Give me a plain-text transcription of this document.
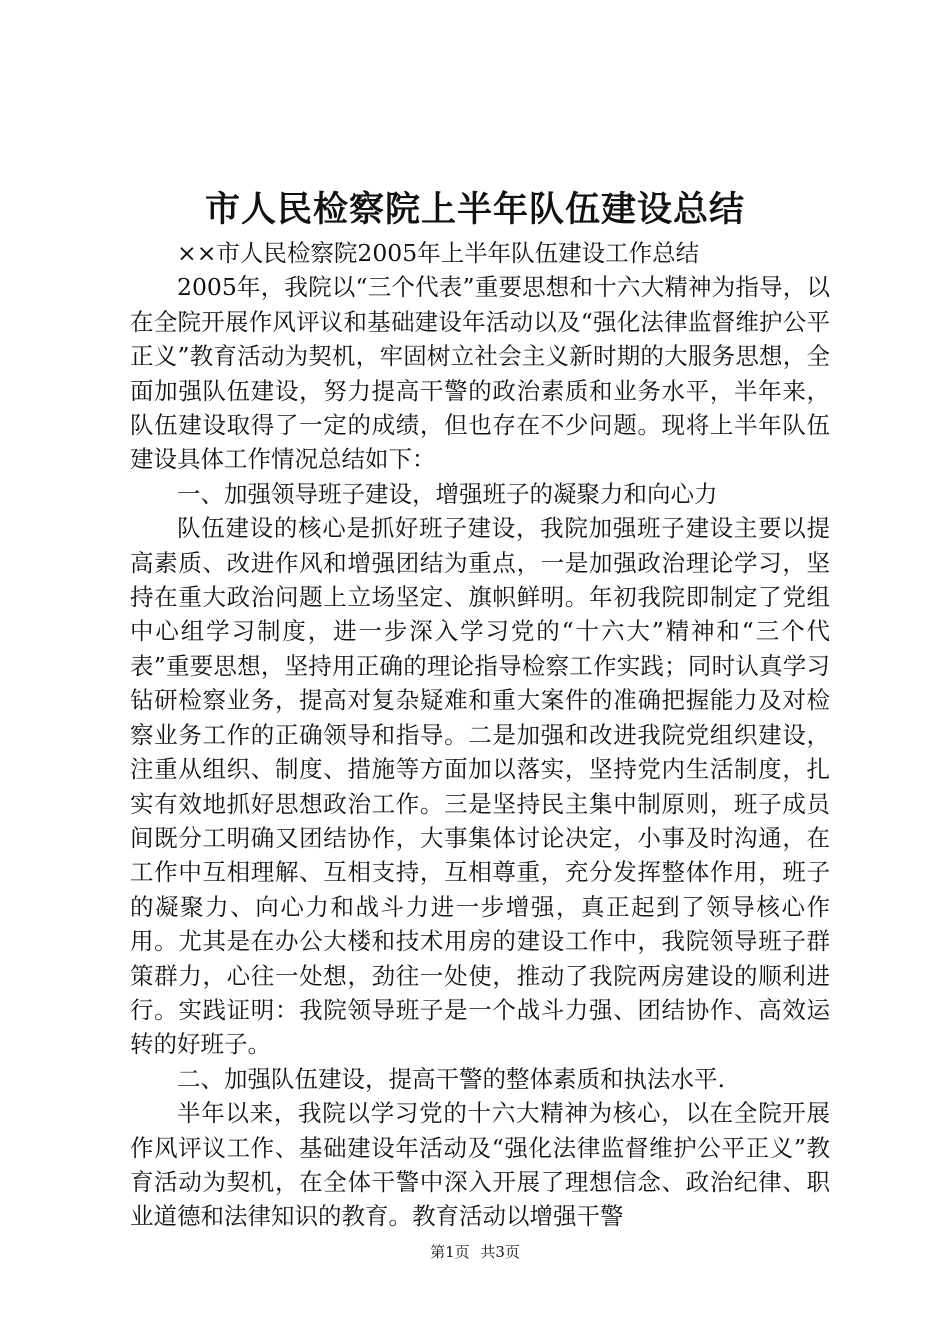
市人民检察院上半年队伍建设总结

××市人民检察院2005年上半年队伍建设工作总结

2005年，我院以“三个代表”重要思想和十六大精神为指导，以在全院开展作风评议和基础建设年活动以及“强化法律监督维护公平正义”教育活动为契机，牢固树立社会主义新时期的大服务思想，全面加强队伍建设，努力提高干警的政治素质和业务水平，半年来，队伍建设取得了一定的成绩，但也存在不少问题。现将上半年队伍建设具体工作情况总结如下：

一、加强领导班子建设，增强班子的凝聚力和向心力

队伍建设的核心是抓好班子建设，我院加强班子建设主要以提高素质、改进作风和增强团结为重点，一是加强政治理论学习，坚持在重大政治问题上立场坚定、旗帜鲜明。年初我院即制定了党组中心组学习制度，进一步深入学习党的“十六大”精神和“三个代表”重要思想，坚持用正确的理论指导检察工作实践；同时认真学习钻研检察业务，提高对复杂疑难和重大案件的准确把握能力及对检察业务工作的正确领导和指导。二是加强和改进我院党组织建设，注重从组织、制度、措施等方面加以落实，坚持党内生活制度，扎实有效地抓好思想政治工作。三是坚持民主集中制原则，班子成员间既分工明确又团结协作，大事集体讨论决定，小事及时沟通，在工作中互相理解、互相支持，互相尊重，充分发挥整体作用，班子的凝聚力、向心力和战斗力进一步增强，真正起到了领导核心作用。尤其是在办公大楼和技术用房的建设工作中，我院领导班子群策群力，心往一处想，劲往一处使，推动了我院两房建设的顺利进行。实践证明：我院领导班子是一个战斗力强、团结协作、高效运转的好班子。

二、加强队伍建设，提高干警的整体素质和执法水平.

半年以来，我院以学习党的十六大精神为核心，以在全院开展作风评议工作、基础建设年活动及“强化法律监督维护公平正义”教育活动为契机，在全体干警中深入开展了理想信念、政治纪律、职业道德和法律知识的教育。教育活动以增强干警

第1页 共3页
